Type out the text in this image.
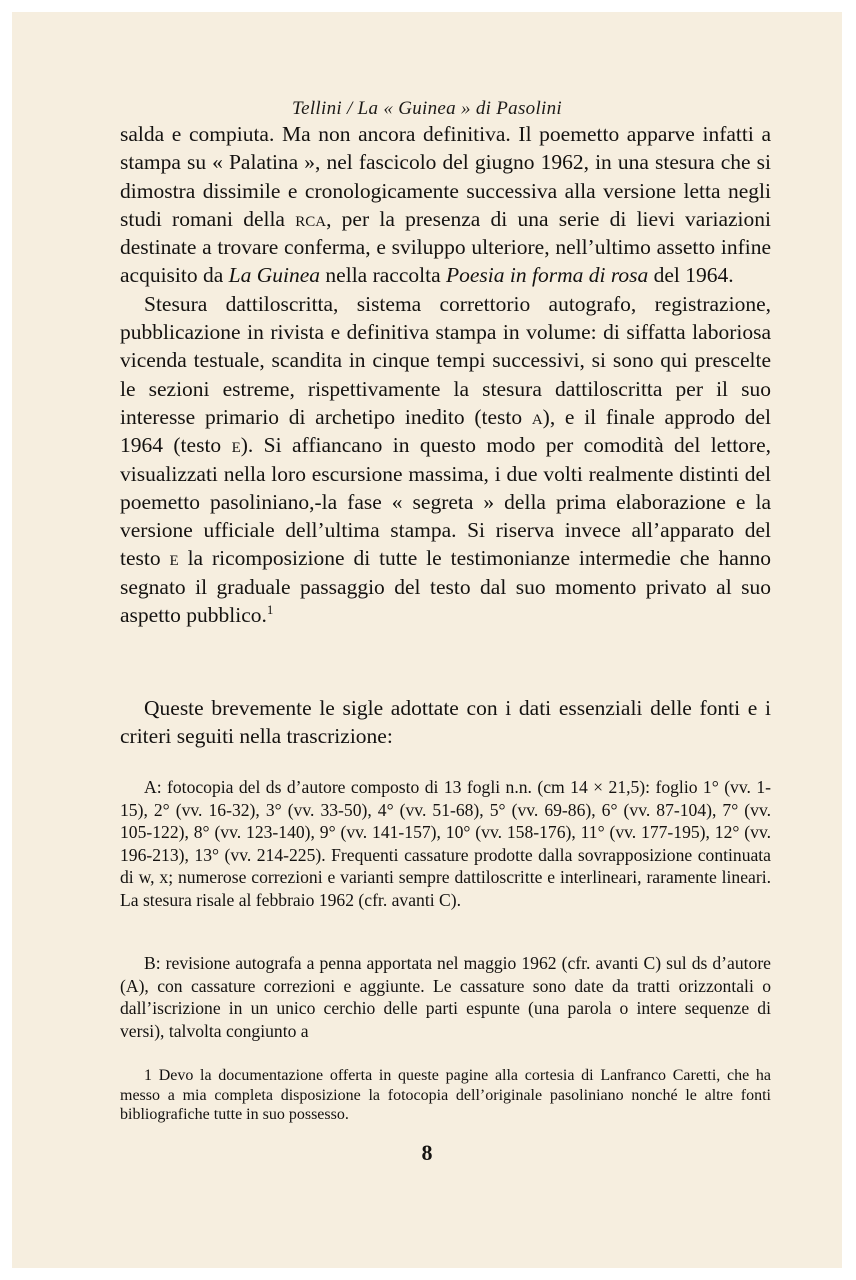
Tellini / La « Guinea » di Pasolini

salda e compiuta. Ma non ancora definitiva. Il poemetto apparve infatti a stampa su « Palatina », nel fascicolo del giugno 1962, in una stesura che si dimostra dissimile e cronologicamente successiva alla versione letta negli studi romani della rca, per la presenza di una serie di lievi variazioni destinate a trovare conferma, e sviluppo ulteriore, nell’ultimo assetto infine acquisito da La Guinea nella raccolta Poesia in forma di rosa del 1964.

Stesura dattiloscritta, sistema correttorio autografo, registrazione, pubblicazione in rivista e definitiva stampa in volume: di siffatta laboriosa vicenda testuale, scandita in cinque tempi successivi, si sono qui prescelte le sezioni estreme, rispettivamente la stesura dattiloscritta per il suo interesse primario di archetipo inedito (testo a), e il finale approdo del 1964 (testo e). Si affiancano in questo modo per comodità del lettore, visualizzati nella loro escursione massima, i due volti realmente distinti del poemetto pasoliniano,-la fase « segreta » della prima elaborazione e la versione ufficiale dell’ultima stampa. Si riserva invece all’apparato del testo e la ricomposizione di tutte le testimonianze intermedie che hanno segnato il graduale passaggio del testo dal suo momento privato al suo aspetto pubblico.$^1$

Queste brevemente le sigle adottate con i dati essenziali delle fonti e i criteri seguiti nella trascrizione:

A: fotocopia del ds d’autore composto di 13 fogli n.n. (cm 14 × 21,5): foglio 1° (vv. 1-15), 2° (vv. 16-32), 3° (vv. 33-50), 4° (vv. 51-68), 5° (vv. 69-86), 6° (vv. 87-104), 7° (vv. 105-122), 8° (vv. 123-140), 9° (vv. 141-157), 10° (vv. 158-176), 11° (vv. 177-195), 12° (vv. 196-213), 13° (vv. 214-225). Frequenti cassature prodotte dalla sovrapposizione continuata di w, x; numerose correzioni e varianti sempre dattiloscritte e interlineari, raramente lineari. La stesura risale al febbraio 1962 (cfr. avanti C).

B: revisione autografa a penna apportata nel maggio 1962 (cfr. avanti C) sul ds d’autore (A), con cassature correzioni e aggiunte. Le cassature sono date da tratti orizzontali o dall’iscrizione in un unico cerchio delle parti espunte (una parola o intere sequenze di versi), talvolta congiunto a

1 Devo la documentazione offerta in queste pagine alla cortesia di Lanfranco Caretti, che ha messo a mia completa disposizione la fotocopia dell’originale pasoliniano nonché le altre fonti bibliografiche tutte in suo possesso.

8
